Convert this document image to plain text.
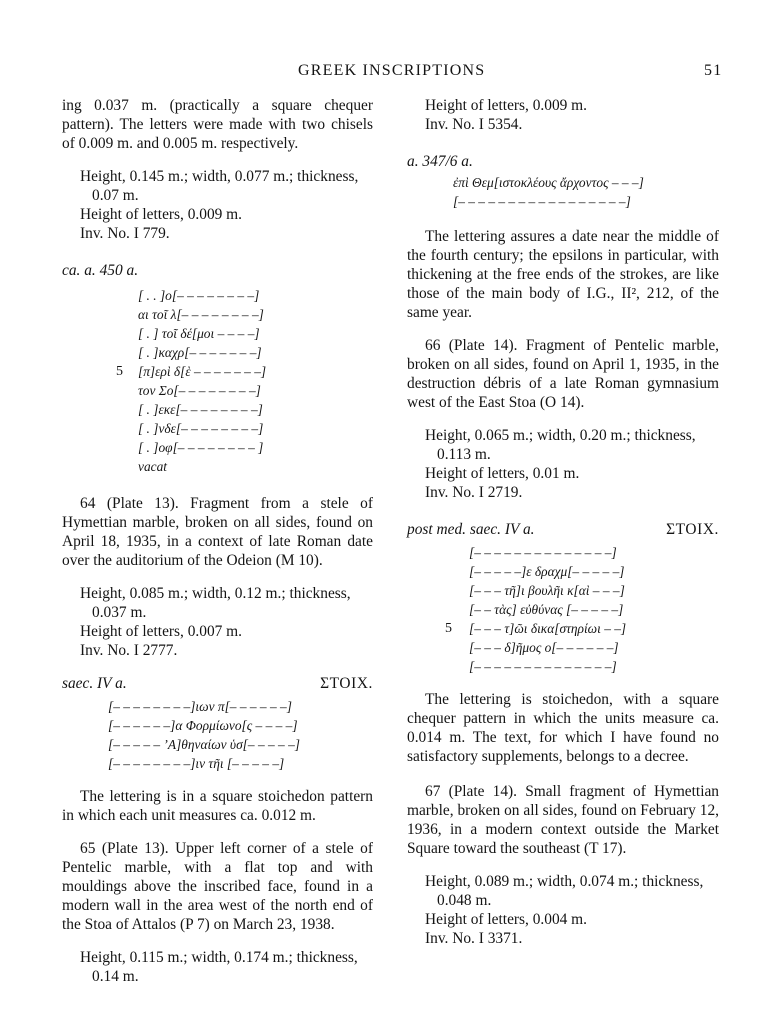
GREEK INSCRIPTIONS	51

ing 0.037 m. (practically a square chequer pattern). The letters were made with two chisels of 0.009 m. and 0.005 m. respectively.

Height, 0.145 m.; width, 0.077 m.; thickness, 0.07 m.

Height of letters, 0.009 m.

Inv. No. I 779.

ca. a. 450 a.

5
[ . . ]ο[– – – – – – – –]
αι τοῖ λ[– – – – – – – –]
[ . ] τοῖ δέ[μοι – – – –]
[ . ]καχρ[– – – – – – –]
[π]ερὶ δ[ὲ – – – – – – –]
τον Σο[– – – – – – – –]
[ . ]εκε[– – – – – – – –]
[ . ]νδε[– – – – – – – –]
[ . ]οφ[– – – – – – – – ]
vacat

64 (Plate 13). Fragment from a stele of Hymettian marble, broken on all sides, found on April 18, 1935, in a context of late Roman date over the auditorium of the Odeion (M 10).

Height, 0.085 m.; width, 0.12 m.; thickness, 0.037 m.

Height of letters, 0.007 m.

Inv. No. I 2777.

saec. IV a.	ΣΤΟΙΧ.
[– – – – – – – –]ιων π[– – – – – –]
[– – – – – –]α Φορμίωνο[ς – – – –]
[– – – – – ’Α]θηναίων ὑσ[– – – – –]
[– – – – – – – –]ιν τῆι [– – – – –]

The lettering is in a square stoichedon pattern in which each unit measures ca. 0.012 m.

65 (Plate 13). Upper left corner of a stele of Pentelic marble, with a flat top and with mouldings above the inscribed face, found in a modern wall in the area west of the north end of the Stoa of Attalos (P 7) on March 23, 1938.

Height, 0.115 m.; width, 0.174 m.; thickness, 0.14 m.

Height of letters, 0.009 m.

Inv. No. I 5354.

a. 347/6 a.

ἐπὶ Θεμ[ιστοκλέους ἄρχοντος – – –]
[– – – – – – – – – – – – – – – – –]

The lettering assures a date near the middle of the fourth century; the epsilons in particular, with thickening at the free ends of the strokes, are like those of the main body of I.G., II², 212, of the same year.

66 (Plate 14). Fragment of Pentelic marble, broken on all sides, found on April 1, 1935, in the destruction débris of a late Roman gymnasium west of the East Stoa (O 14).

Height, 0.065 m.; width, 0.20 m.; thickness, 0.113 m.

Height of letters, 0.01 m.

Inv. No. I 2719.

post med. saec. IV a.	ΣΤΟΙΧ.
5
[– – – – – – – – – – – – – –]
[– – – – –]ε δραχμ[– – – – –]
[– – – τῆ]ι βουλῆι κ[αὶ – – –]
[– – τὰς] εὐθύνας [– – – – –]
[– – – τ]ῶι δικα[στηρίωι – –]
[– – – δ]ῆμος ο[– – – – – –]
[– – – – – – – – – – – – – –]

The lettering is stoichedon, with a square chequer pattern in which the units measure ca. 0.014 m. The text, for which I have found no satisfactory supplements, belongs to a decree.

67 (Plate 14). Small fragment of Hymettian marble, broken on all sides, found on February 12, 1936, in a modern context outside the Market Square toward the southeast (T 17).

Height, 0.089 m.; width, 0.074 m.; thickness, 0.048 m.

Height of letters, 0.004 m.

Inv. No. I 3371.
